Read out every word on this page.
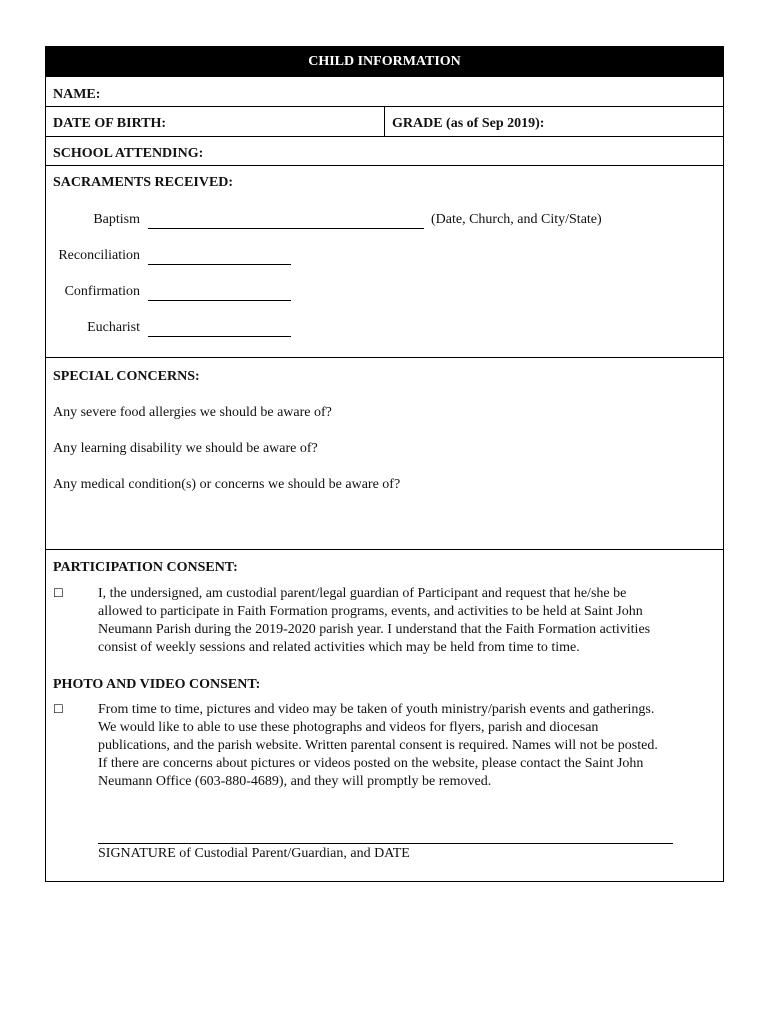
CHILD INFORMATION
NAME:
DATE OF BIRTH:	GRADE (as of Sep 2019):
SCHOOL ATTENDING:
SACRAMENTS RECEIVED:
Baptism	(Date, Church, and City/State)
Reconciliation
Confirmation
Eucharist
SPECIAL CONCERNS:
Any severe food allergies we should be aware of?
Any learning disability we should be aware of?
Any medical condition(s) or concerns we should be aware of?
PARTICIPATION CONSENT:
☐ I, the undersigned, am custodial parent/legal guardian of Participant and request that he/she be
allowed to participate in Faith Formation programs, events, and activities to be held at Saint John
Neumann Parish during the 2019-2020 parish year. I understand that the Faith Formation activities
consist of weekly sessions and related activities which may be held from time to time.
PHOTO AND VIDEO CONSENT:
☐ From time to time, pictures and video may be taken of youth ministry/parish events and gatherings.
We would like to able to use these photographs and videos for flyers, parish and diocesan
publications, and the parish website. Written parental consent is required. Names will not be posted.
If there are concerns about pictures or videos posted on the website, please contact the Saint John
Neumann Office (603-880-4689), and they will promptly be removed.
SIGNATURE of Custodial Parent/Guardian, and DATE
